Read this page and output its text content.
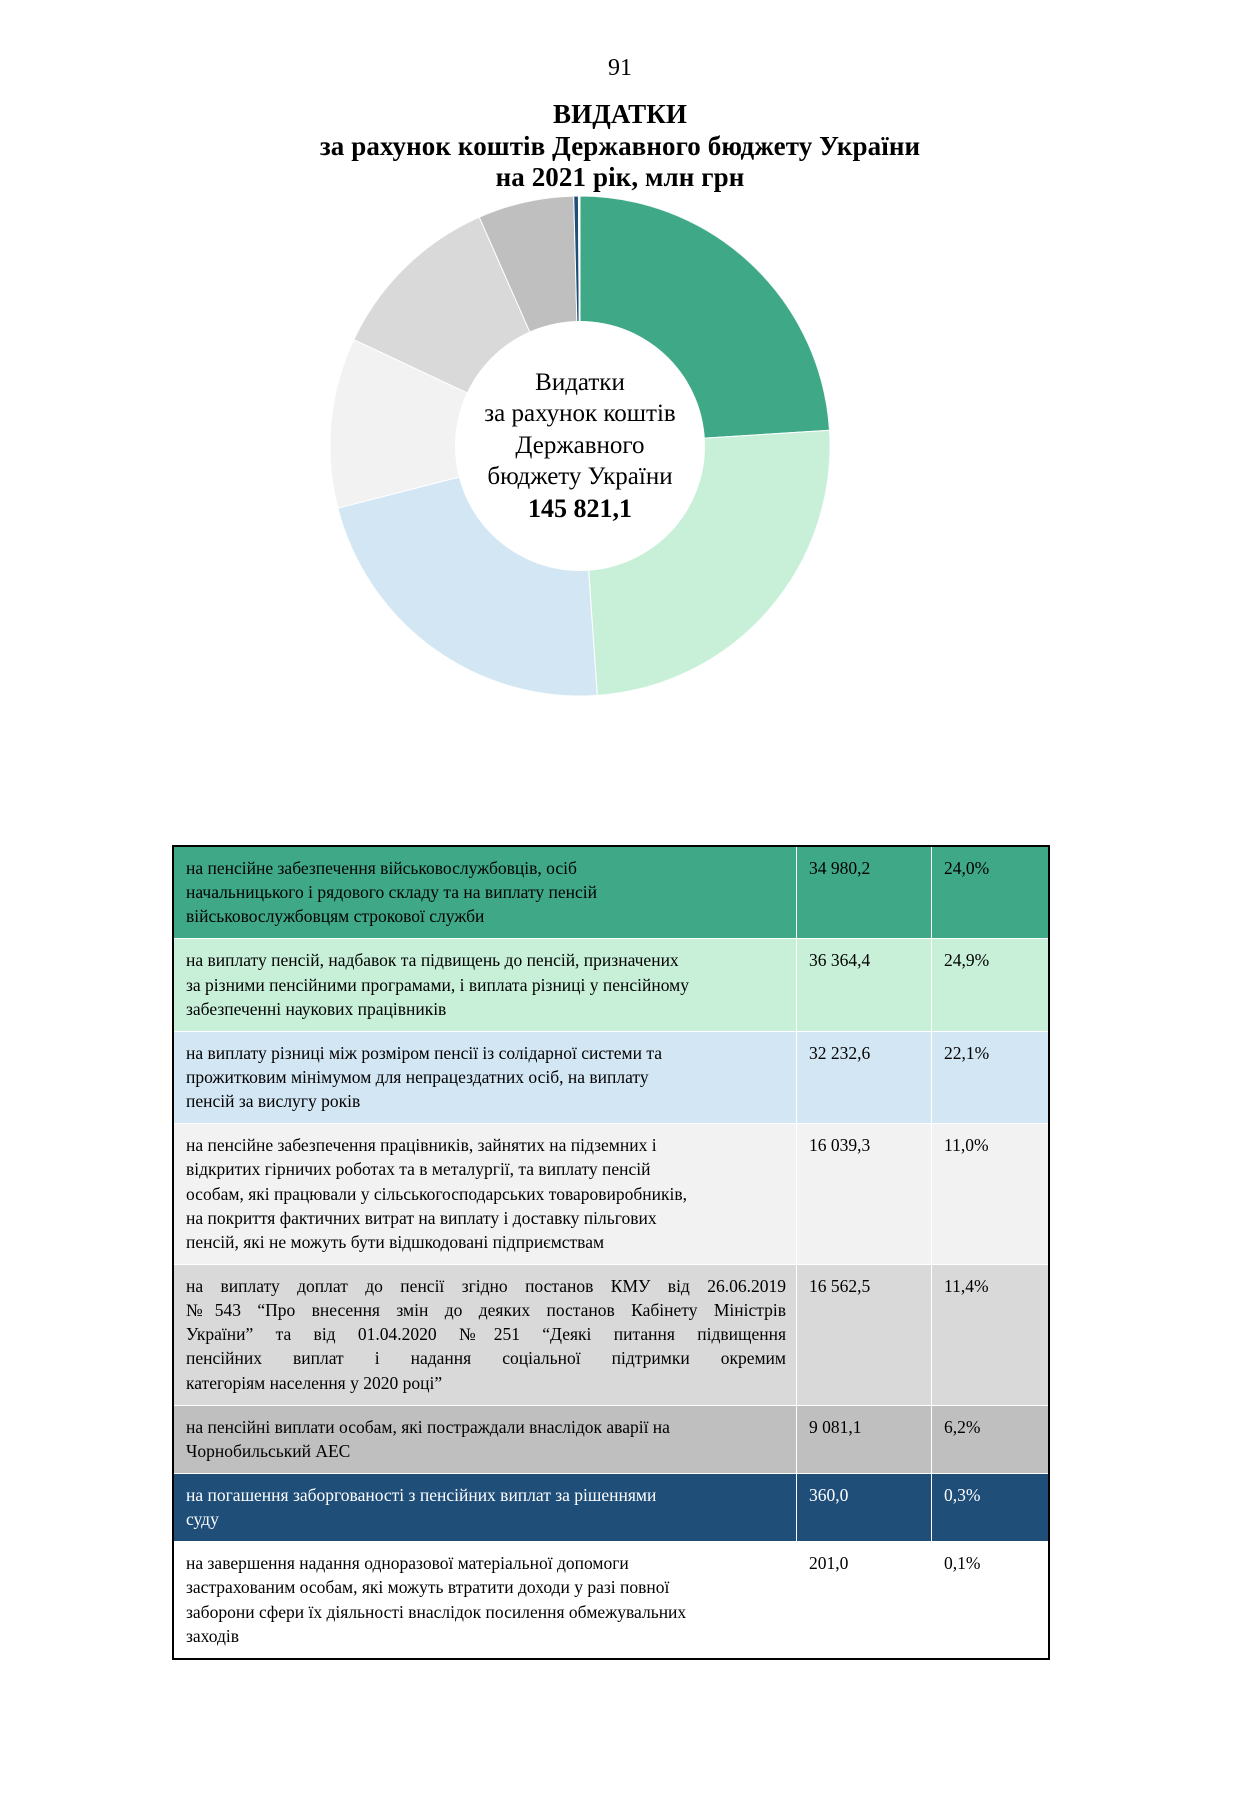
91
ВИДАТКИ
за рахунок коштів Державного бюджету України
на 2021 рік, млн грн
Видатки
за рахунок коштів
Державного
бюджету України
145 821,1
на пенсійне забезпечення військовослужбовців, осіб
начальницького і рядового складу та на виплату пенсій
військовослужбовцям строкової служби	34 980,2	24,0%

на виплату пенсій, надбавок та підвищень до пенсій, призначених
за різними пенсійними програмами, і виплата різниці у пенсійному
забезпеченні наукових працівників	36 364,4	24,9%

на виплату різниці між розміром пенсії із солідарної системи та
прожитковим мінімумом для непрацездатних осіб, на виплату
пенсій за вислугу років	32 232,6	22,1%

на пенсійне забезпечення працівників, зайнятих на підземних і
відкритих гірничих роботах та в металургії, та виплату пенсій
особам, які працювали у сільськогосподарських товаровиробників,
на покриття фактичних витрат на виплату і доставку пільгових
пенсій, які не можуть бути відшкодовані підприємствам	16 039,3	11,0%

на виплату доплат до пенсії згідно постанов КМУ від 26.06.2019
№543 “Про внесення змін до деяких постанов Кабінету Міністрів
України” та від 01.04.2020 №251 “Деякі питання підвищення
пенсійних виплат і надання соціальної підтримки окремим
категоріям населення у 2020 році”	16 562,5	11,4%

на пенсійні виплати особам, які постраждали внаслідок аварії на
Чорнобильський АЕС	9 081,1	6,2%

на погашення заборгованості з пенсійних виплат за рішеннями
суду	360,0	0,3%

на завершення надання одноразової матеріальної допомоги
застрахованим особам, які можуть втратити доходи у разі повної
заборони сфери їх діяльності внаслідок посилення обмежувальних
заходів	201,0	0,1%
